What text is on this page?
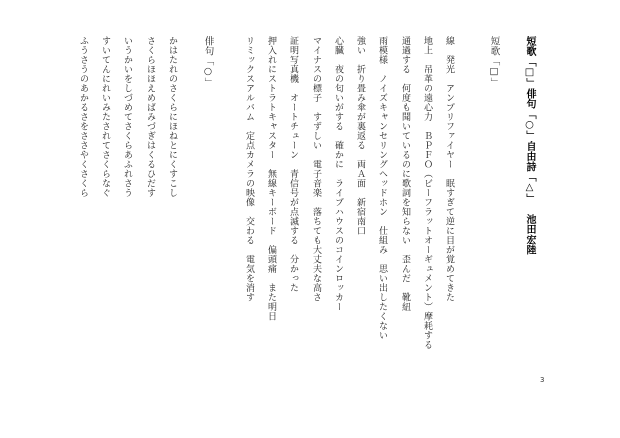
短歌「□」俳句「○」自由詩「△」池田宏陸
短歌「□」
線　発光　アンプリファイヤー　眠すぎて逆に目が覚めてきた
地上　吊革の遠心力　ＢＰＦＯ（ビーフラットオーギュメント）摩耗する
通過する　何度も聞いているのに歌詞を知らない　歪んだ　靴紐
雨模様　ノイズキャンセリングヘッドホン　仕組み　思い出したくない
強い　折り畳み傘が裏返る　両Ａ面　新宿南口
心臓　夜の匂いがする　確かに　ライブハウスのコインロッカー
マイナスの標子　すずしい　電子音楽　落ちても大丈夫な高さ
証明写真機　オートチューン　青信号が点滅する　分かった
押入れにストラトキャスター　無線キーボード　偏頭痛　また明日
リミックスアルバム　定点カメラの映像　交わる　電気を消す
俳句「○」
かはたれのさくらにほねとにくすこし
さくらほほえめばみづぎはくるひだす
いうかいをしづめてさくらあふれさう
すいてんにれいみたされてさくらなぐ
ふうさうのあかるさをささやくさくら
3
